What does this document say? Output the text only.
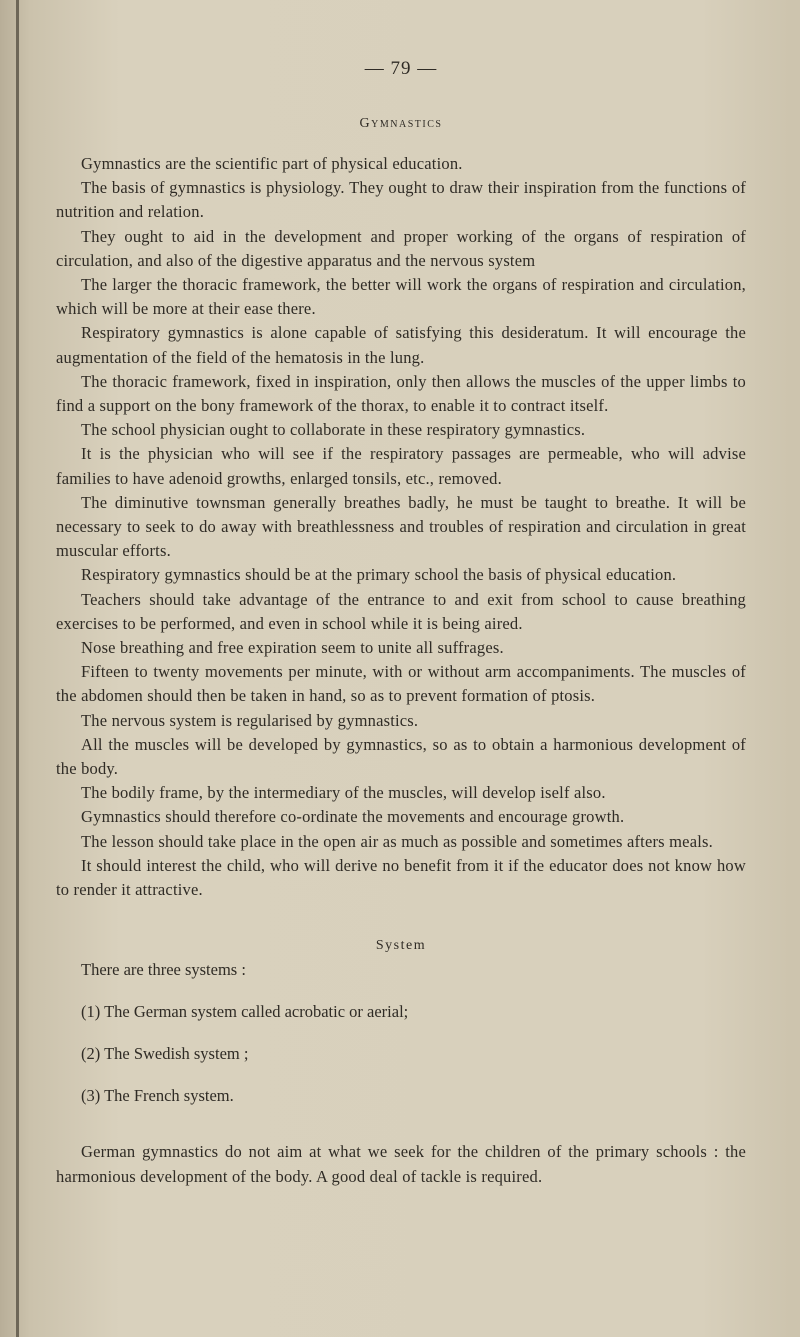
— 79 —
Gymnastics

Gymnastics are the scientific part of physical education.

The basis of gymnastics is physiology. They ought to draw their inspiration from the functions of nutrition and relation.

They ought to aid in the development and proper working of the organs of respiration of circulation, and also of the digestive apparatus and the nervous system

The larger the thoracic framework, the better will work the organs of respiration and circulation, which will be more at their ease there.

Respiratory gymnastics is alone capable of satisfying this desideratum. It will encourage the augmentation of the field of the hematosis in the lung.

The thoracic framework, fixed in inspiration, only then allows the muscles of the upper limbs to find a support on the bony framework of the thorax, to enable it to contract itself.

The school physician ought to collaborate in these respiratory gymnastics.

It is the physician who will see if the respiratory passages are permeable, who will advise families to have adenoid growths, enlarged tonsils, etc., removed.

The diminutive townsman generally breathes badly, he must be taught to breathe. It will be necessary to seek to do away with breathlessness and troubles of respiration and circulation in great muscular efforts.

Respiratory gymnastics should be at the primary school the basis of physical education.

Teachers should take advantage of the entrance to and exit from school to cause breathing exercises to be performed, and even in school while it is being aired.

Nose breathing and free expiration seem to unite all suffrages.

Fifteen to twenty movements per minute, with or without arm accompaniments. The muscles of the abdomen should then be taken in hand, so as to prevent formation of ptosis.

The nervous system is regularised by gymnastics.

All the muscles will be developed by gymnastics, so as to obtain a harmonious development of the body.

The bodily frame, by the intermediary of the muscles, will develop iself also.

Gymnastics should therefore co-ordinate the movements and encourage growth.

The lesson should take place in the open air as much as possible and sometimes afters meals.

It should interest the child, who will derive no benefit from it if the educator does not know how to render it attractive.

System

There are three systems :

(1) The German system called acrobatic or aerial;

(2) The Swedish system ;

(3) The French system.

German gymnastics do not aim at what we seek for the children of the primary schools : the harmonious development of the body. A good deal of tackle is required.
